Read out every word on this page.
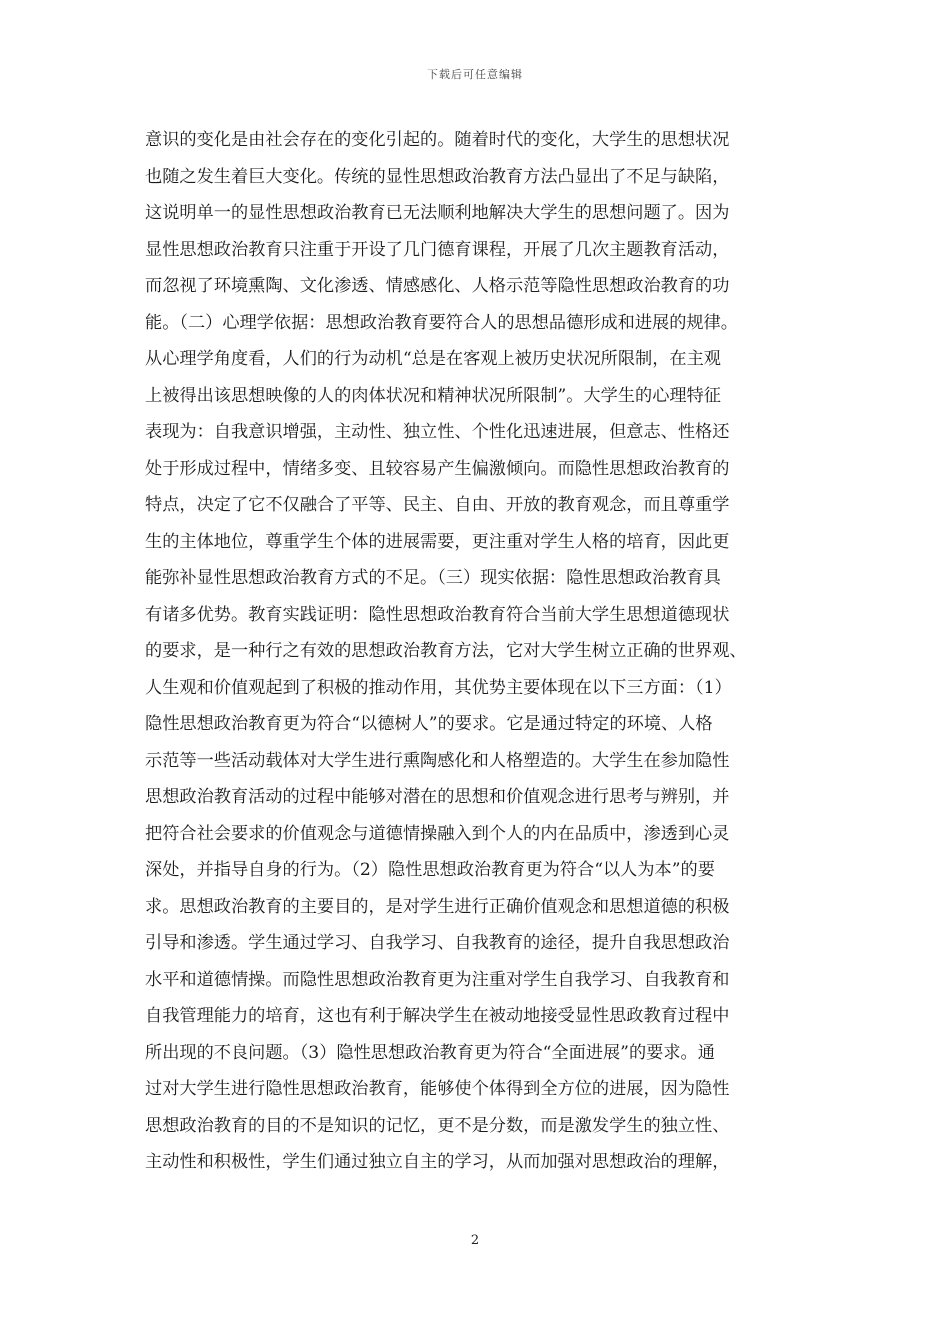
下载后可任意编辑
意识的变化是由社会存在的变化引起的。随着时代的变化，大学生的思想状况
也随之发生着巨大变化。传统的显性思想政治教育方法凸显出了不足与缺陷，
这说明单一的显性思想政治教育已无法顺利地解决大学生的思想问题了。因为
显性思想政治教育只注重于开设了几门德育课程，开展了几次主题教育活动，
而忽视了环境熏陶、文化渗透、情感感化、人格示范等隐性思想政治教育的功
能。（二）心理学依据：思想政治教育要符合人的思想品德形成和进展的规律。
从心理学角度看，人们的行为动机“总是在客观上被历史状况所限制，在主观
上被得出该思想映像的人的肉体状况和精神状况所限制”。大学生的心理特征
表现为：自我意识增强，主动性、独立性、个性化迅速进展，但意志、性格还
处于形成过程中，情绪多变、且较容易产生偏激倾向。而隐性思想政治教育的
特点，决定了它不仅融合了平等、民主、自由、开放的教育观念，而且尊重学
生的主体地位，尊重学生个体的进展需要，更注重对学生人格的培育，因此更
能弥补显性思想政治教育方式的不足。（三）现实依据：隐性思想政治教育具
有诸多优势。教育实践证明：隐性思想政治教育符合当前大学生思想道德现状
的要求，是一种行之有效的思想政治教育方法，它对大学生树立正确的世界观、
人生观和价值观起到了积极的推动作用，其优势主要体现在以下三方面：（1）
隐性思想政治教育更为符合“以德树人”的要求。它是通过特定的环境、人格
示范等一些活动载体对大学生进行熏陶感化和人格塑造的。大学生在参加隐性
思想政治教育活动的过程中能够对潜在的思想和价值观念进行思考与辨别，并
把符合社会要求的价值观念与道德情操融入到个人的内在品质中，渗透到心灵
深处，并指导自身的行为。（2）隐性思想政治教育更为符合“以人为本”的要
求。思想政治教育的主要目的，是对学生进行正确价值观念和思想道德的积极
引导和渗透。学生通过学习、自我学习、自我教育的途径，提升自我思想政治
水平和道德情操。而隐性思想政治教育更为注重对学生自我学习、自我教育和
自我管理能力的培育，这也有利于解决学生在被动地接受显性思政教育过程中
所出现的不良问题。（3）隐性思想政治教育更为符合“全面进展”的要求。通
过对大学生进行隐性思想政治教育，能够使个体得到全方位的进展，因为隐性
思想政治教育的目的不是知识的记忆，更不是分数，而是激发学生的独立性、
主动性和积极性，学生们通过独立自主的学习，从而加强对思想政治的理解，
2
